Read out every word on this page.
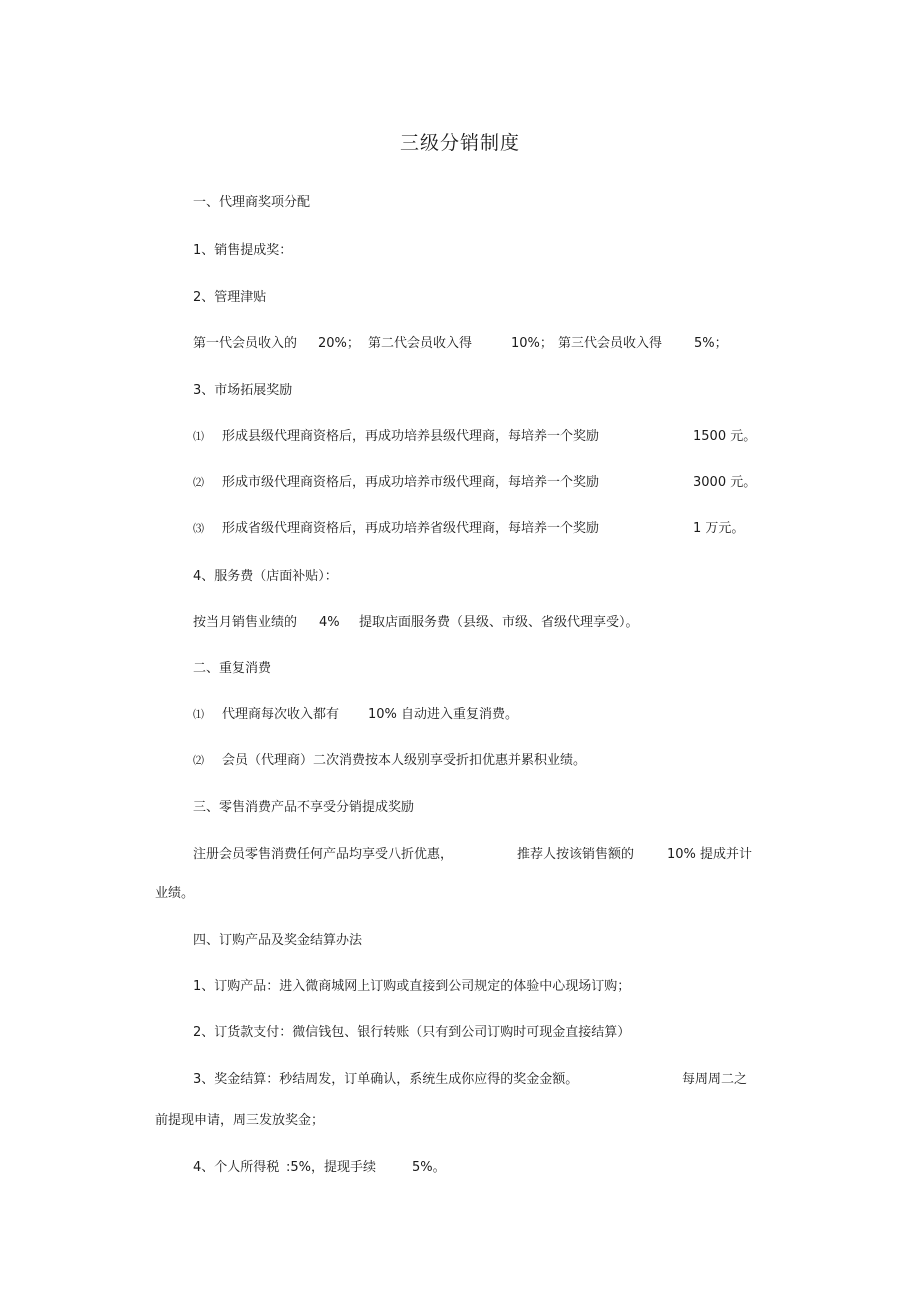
三级分销制度
一、代理商奖项分配
1、销售提成奖：
2、管理津贴
第一代会员收入的 20%； 第二代会员收入得	10%； 第三代会员收入得 5%；
3、市场拓展奖励
⑴ 形成县级代理商资格后，再成功培养县级代理商，每培养一个奖励	1500 元。
⑵ 形成市级代理商资格后，再成功培养市级代理商，每培养一个奖励	3000 元。
⑶ 形成省级代理商资格后，再成功培养省级代理商，每培养一个奖励	1 万元。
4、服务费（店面补贴）：
按当月销售业绩的 4% 提取店面服务费（县级、市级、省级代理享受）。
二、重复消费
⑴ 代理商每次收入都有 10% 自动进入重复消费。
⑵ 会员（代理商）二次消费按本人级别享受折扣优惠并累积业绩。
三、零售消费产品不享受分销提成奖励
注册会员零售消费任何产品均享受八折优惠，	推荐人按该销售额的	10% 提成并计
业绩。
四、订购产品及奖金结算办法
1、订购产品：进入微商城网上订购或直接到公司规定的体验中心现场订购；
2、订货款支付：微信钱包、银行转账（只有到公司订购时可现金直接结算）
3、奖金结算：秒结周发，订单确认，系统生成你应得的奖金金额。	每周周二之
前提现申请，周三发放奖金；
4、个人所得税 :5%，提现手续	5%。
